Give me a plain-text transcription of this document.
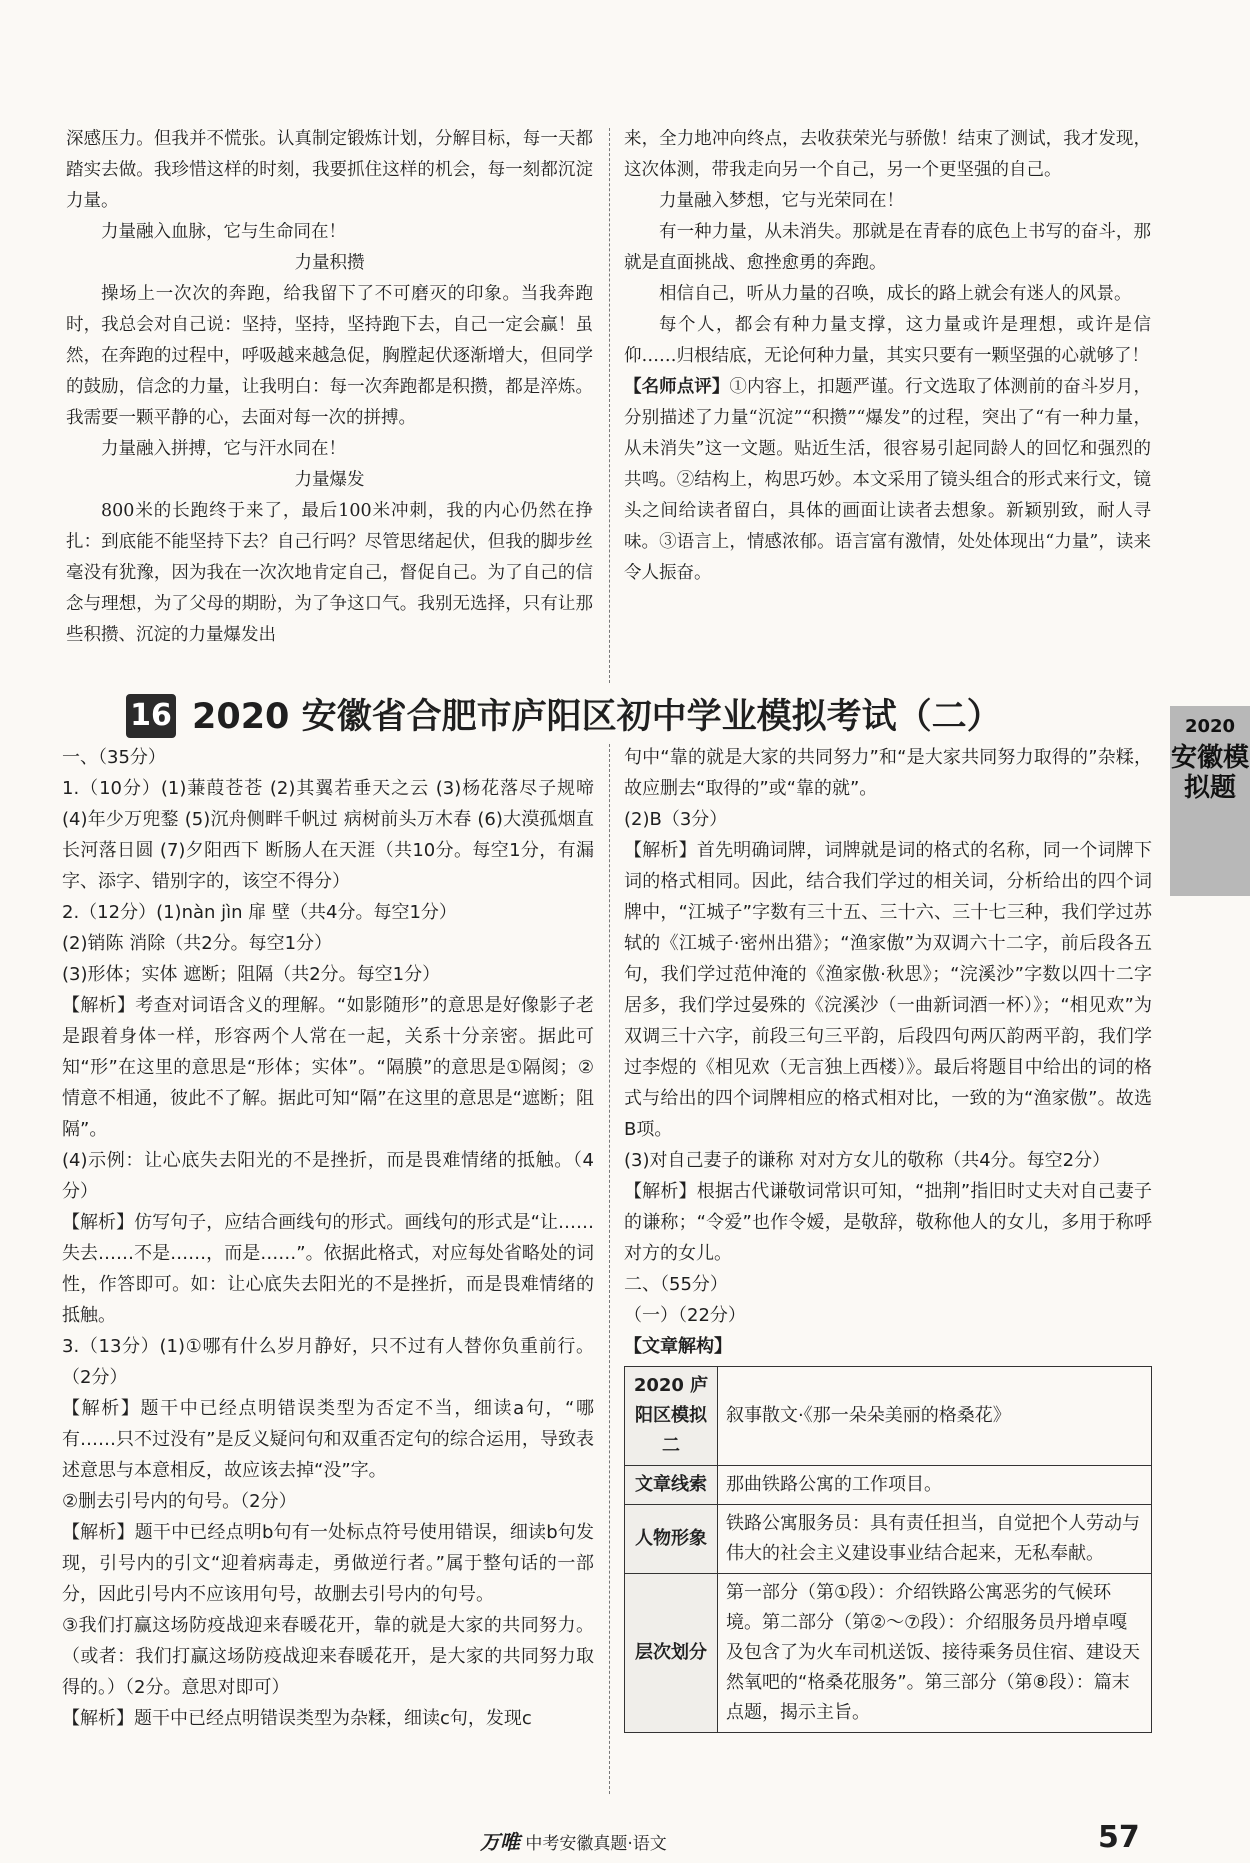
深感压力。但我并不慌张。认真制定锻炼计划，分解目标，每一天都踏实去做。我珍惜这样的时刻，我要抓住这样的机会，每一刻都沉淀力量。

力量融入血脉，它与生命同在！

力量积攒

操场上一次次的奔跑，给我留下了不可磨灭的印象。当我奔跑时，我总会对自己说：坚持，坚持，坚持跑下去，自己一定会赢！虽然，在奔跑的过程中，呼吸越来越急促，胸膛起伏逐渐增大，但同学的鼓励，信念的力量，让我明白：每一次奔跑都是积攒，都是淬炼。我需要一颗平静的心，去面对每一次的拼搏。

力量融入拼搏，它与汗水同在！

力量爆发

800米的长跑终于来了，最后100米冲刺，我的内心仍然在挣扎：到底能不能坚持下去？自己行吗？尽管思绪起伏，但我的脚步丝毫没有犹豫，因为我在一次次地肯定自己，督促自己。为了自己的信念与理想，为了父母的期盼，为了争这口气。我别无选择，只有让那些积攒、沉淀的力量爆发出

来，全力地冲向终点，去收获荣光与骄傲！结束了测试，我才发现，这次体测，带我走向另一个自己，另一个更坚强的自己。

力量融入梦想，它与光荣同在！

有一种力量，从未消失。那就是在青春的底色上书写的奋斗，那就是直面挑战、愈挫愈勇的奔跑。

相信自己，听从力量的召唤，成长的路上就会有迷人的风景。

每个人，都会有种力量支撑，这力量或许是理想，或许是信仰……归根结底，无论何种力量，其实只要有一颗坚强的心就够了！

【名师点评】①内容上，扣题严谨。行文选取了体测前的奋斗岁月，分别描述了力量“沉淀”“积攒”“爆发”的过程，突出了“有一种力量，从未消失”这一文题。贴近生活，很容易引起同龄人的回忆和强烈的共鸣。②结构上，构思巧妙。本文采用了镜头组合的形式来行文，镜头之间给读者留白，具体的画面让读者去想象。新颖别致，耐人寻味。③语言上，情感浓郁。语言富有激情，处处体现出“力量”，读来令人振奋。

16 2020 安徽省合肥市庐阳区初中学业模拟考试（二）

一、（35分）

1.（10分）(1)蒹葭苍苍 (2)其翼若垂天之云 (3)杨花落尽子规啼 (4)年少万兜鍪 (5)沉舟侧畔千帆过 病树前头万木春 (6)大漠孤烟直 长河落日圆 (7)夕阳西下 断肠人在天涯（共10分。每空1分，有漏字、添字、错别字的，该空不得分）

2.（12分）(1)nàn jìn 扉 壁（共4分。每空1分）

(2)销陈 消除（共2分。每空1分）

(3)形体；实体 遮断；阻隔（共2分。每空1分）

【解析】考查对词语含义的理解。“如影随形”的意思是好像影子老是跟着身体一样，形容两个人常在一起，关系十分亲密。据此可知“形”在这里的意思是“形体；实体”。“隔膜”的意思是①隔阂；②情意不相通，彼此不了解。据此可知“隔”在这里的意思是“遮断；阻隔”。

(4)示例：让心底失去阳光的不是挫折，而是畏难情绪的抵触。（4分）

【解析】仿写句子，应结合画线句的形式。画线句的形式是“让……失去……不是……，而是……”。依据此格式，对应每处省略处的词性，作答即可。如：让心底失去阳光的不是挫折，而是畏难情绪的抵触。

3.（13分）(1)①哪有什么岁月静好，只不过有人替你负重前行。（2分）

【解析】题干中已经点明错误类型为否定不当，细读a句，“哪有……只不过没有”是反义疑问句和双重否定句的综合运用，导致表述意思与本意相反，故应该去掉“没”字。

②删去引号内的句号。（2分）

【解析】题干中已经点明b句有一处标点符号使用错误，细读b句发现，引号内的引文“迎着病毒走，勇做逆行者。”属于整句话的一部分，因此引号内不应该用句号，故删去引号内的句号。

③我们打赢这场防疫战迎来春暖花开，靠的就是大家的共同努力。（或者：我们打赢这场防疫战迎来春暖花开，是大家的共同努力取得的。）（2分。意思对即可）

【解析】题干中已经点明错误类型为杂糅，细读c句，发现c

句中“靠的就是大家的共同努力”和“是大家共同努力取得的”杂糅，故应删去“取得的”或“靠的就”。

(2)B（3分）

【解析】首先明确词牌，词牌就是词的格式的名称，同一个词牌下词的格式相同。因此，结合我们学过的相关词，分析给出的四个词牌中，“江城子”字数有三十五、三十六、三十七三种，我们学过苏轼的《江城子·密州出猎》；“渔家傲”为双调六十二字，前后段各五句，我们学过范仲淹的《渔家傲·秋思》；“浣溪沙”字数以四十二字居多，我们学过晏殊的《浣溪沙（一曲新词酒一杯）》；“相见欢”为双调三十六字，前段三句三平韵，后段四句两仄韵两平韵，我们学过李煜的《相见欢（无言独上西楼）》。最后将题目中给出的词的格式与给出的四个词牌相应的格式相对比，一致的为“渔家傲”。故选B项。

(3)对自己妻子的谦称 对对方女儿的敬称（共4分。每空2分）

【解析】根据古代谦敬词常识可知，“拙荆”指旧时丈夫对自己妻子的谦称；“令爱”也作令嫒，是敬辞，敬称他人的女儿，多用于称呼对方的女儿。

二、（55分）

（一）（22分）

【文章解构】

2020 庐阳区模拟二	叙事散文·《那一朵朵美丽的格桑花》
文章线索	那曲铁路公寓的工作项目。
人物形象	铁路公寓服务员：具有责任担当，自觉把个人劳动与伟大的社会主义建设事业结合起来，无私奉献。
层次划分	第一部分（第①段）：介绍铁路公寓恶劣的气候环境。第二部分（第②～⑦段）：介绍服务员丹增卓嘎及包含了为火车司机送饭、接待乘务员住宿、建设天然氧吧的“格桑花服务”。第三部分（第⑧段）：篇末点题，揭示主旨。
2020
安徽模拟题
万唯 中考安徽真题·语文	57
